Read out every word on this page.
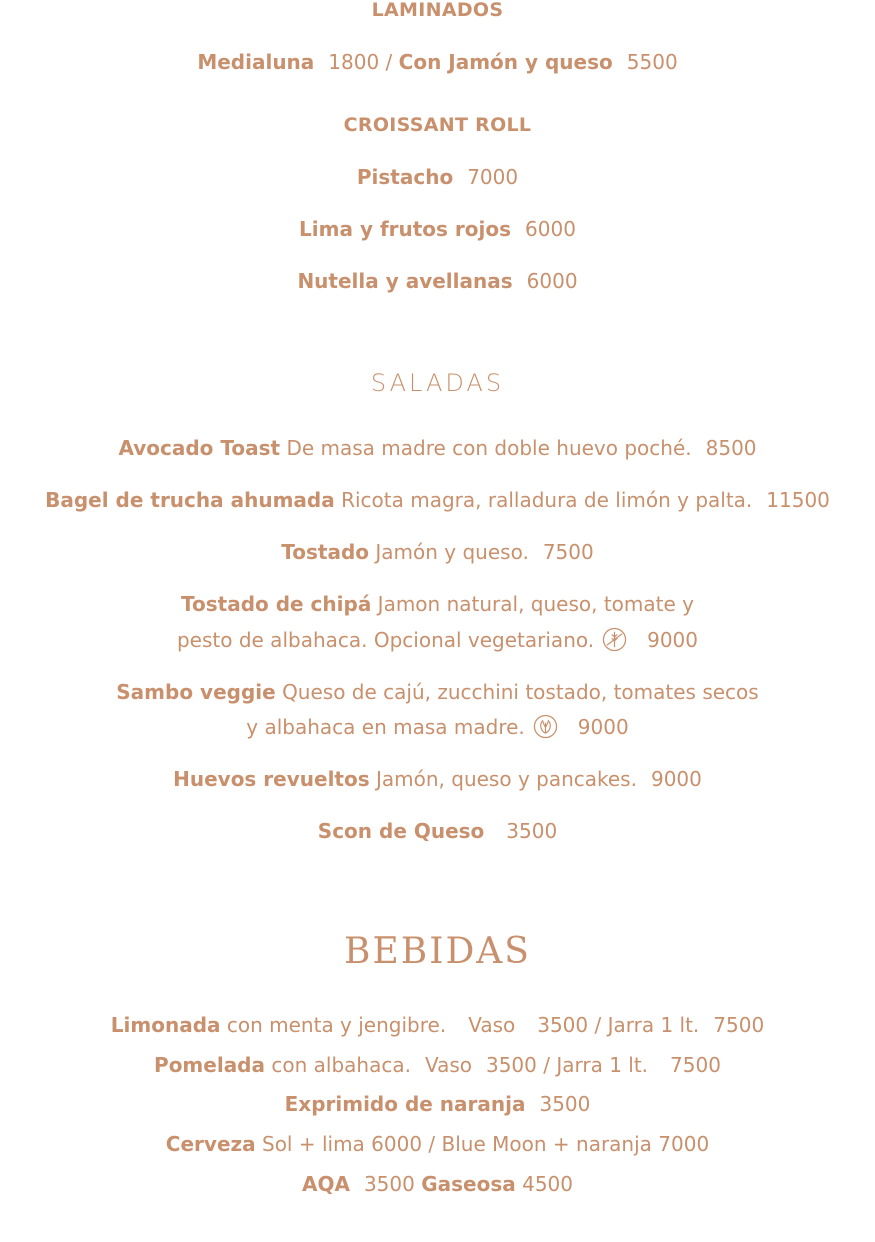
LAMINADOS
Medialuna 1800 / Con Jamón y queso 5500
CROISSANT ROLL
Pistacho 7000
Lima y frutos rojos 6000
Nutella y avellanas 6000
SALADAS
Avocado Toast De masa madre con doble huevo poché. 8500
Bagel de trucha ahumada Ricota magra, ralladura de limón y palta. 11500
Tostado Jamón y queso. 7500
Tostado de chipá Jamon natural, queso, tomate y
pesto de albahaca. Opcional vegetariano.	9000
Sambo veggie Queso de cajú, zucchini tostado, tomates secos
y albahaca en masa madre.	9000
Huevos revueltos Jamón, queso y pancakes. 9000
Scon de Queso 3500
BEBIDAS
Limonada con menta y jengibre. Vaso 3500 / Jarra 1 lt. 7500
Pomelada con albahaca. Vaso 3500 / Jarra 1 lt. 7500
Exprimido de naranja 3500
Cerveza Sol + lima 6000 / Blue Moon + naranja 7000
AQA 3500 Gaseosa 4500
